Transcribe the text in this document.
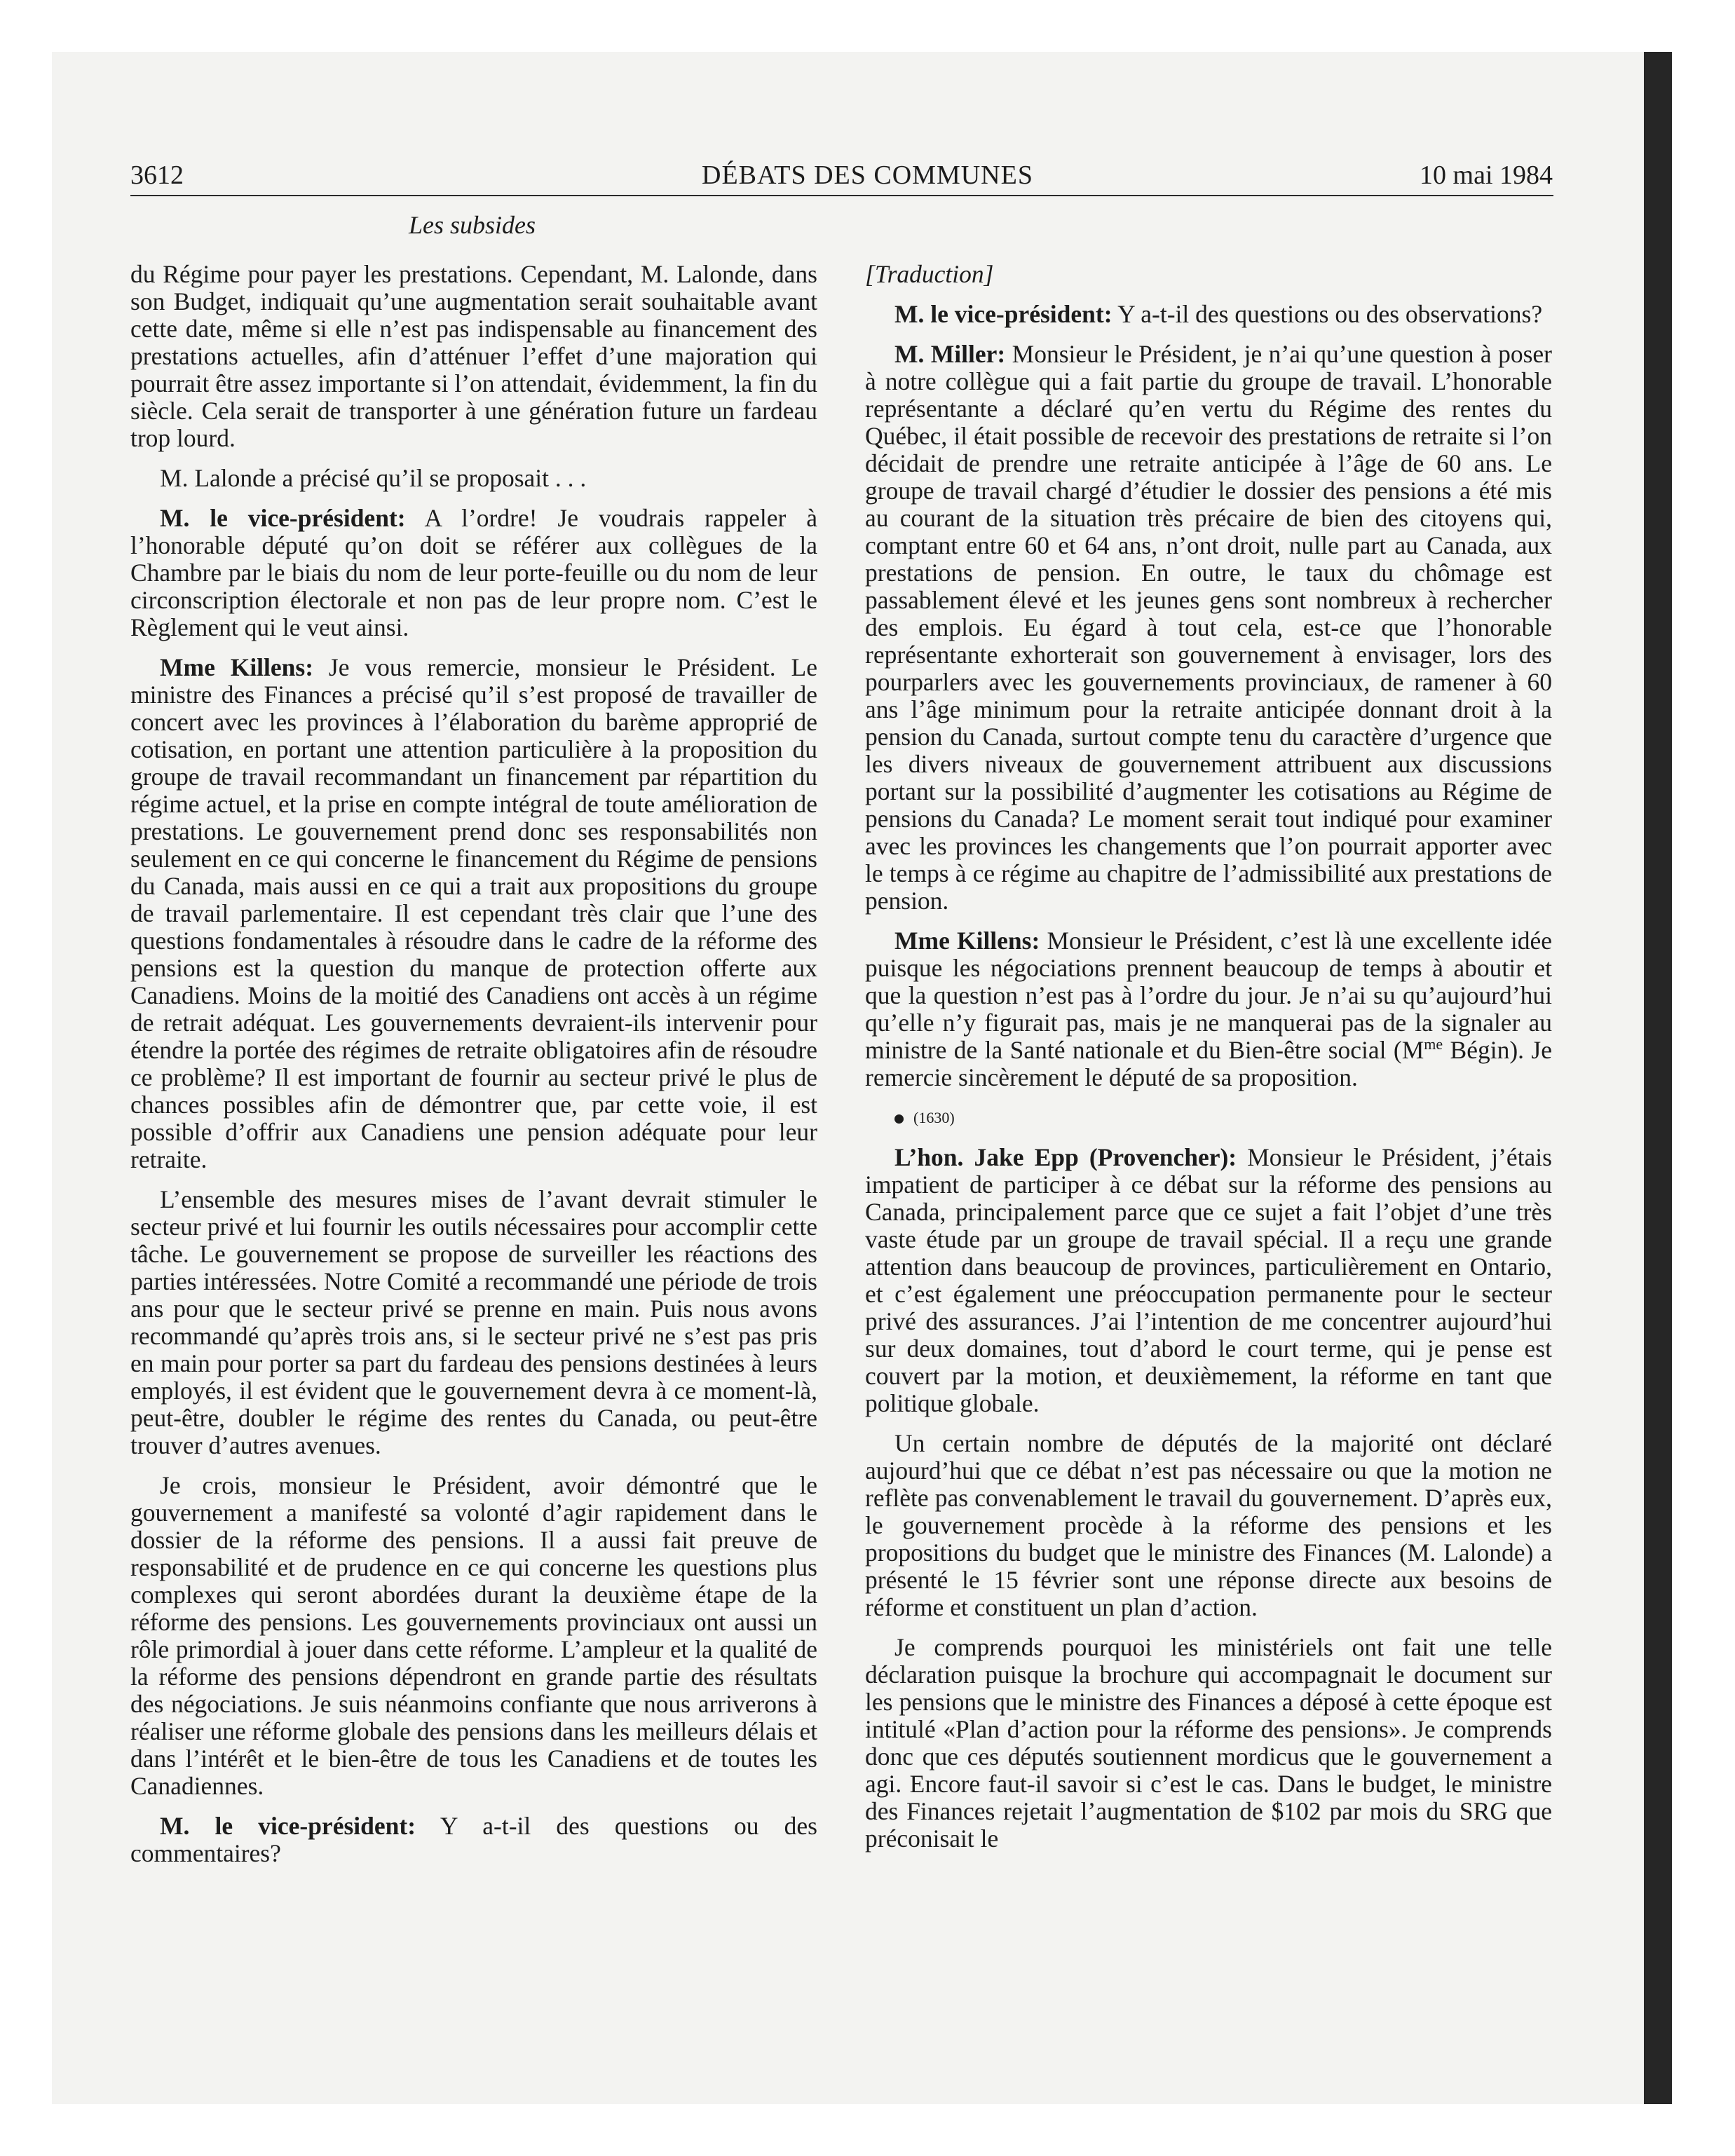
3612	DÉBATS DES COMMUNES	10 mai 1984
Les subsides

du Régime pour payer les prestations. Cependant, M. Lalonde, dans son Budget, indiquait qu’une augmentation serait souhaitable avant cette date, même si elle n’est pas indispensable au financement des prestations actuelles, afin d’atténuer l’effet d’une majoration qui pourrait être assez importante si l’on attendait, évidemment, la fin du siècle. Cela serait de transporter à une génération future un fardeau trop lourd.

M. Lalonde a précisé qu’il se proposait . . .

M. le vice-président: A l’ordre! Je voudrais rappeler à l’honorable député qu’on doit se référer aux collègues de la Chambre par le biais du nom de leur porte-feuille ou du nom de leur circonscription électorale et non pas de leur propre nom. C’est le Règlement qui le veut ainsi.

Mme Killens: Je vous remercie, monsieur le Président. Le ministre des Finances a précisé qu’il s’est proposé de travailler de concert avec les provinces à l’élaboration du barème approprié de cotisation, en portant une attention particulière à la proposition du groupe de travail recommandant un financement par répartition du régime actuel, et la prise en compte intégral de toute amélioration de prestations. Le gouvernement prend donc ses responsabilités non seulement en ce qui concerne le financement du Régime de pensions du Canada, mais aussi en ce qui a trait aux propositions du groupe de travail parlementaire. Il est cependant très clair que l’une des questions fondamentales à résoudre dans le cadre de la réforme des pensions est la question du manque de protection offerte aux Canadiens. Moins de la moitié des Canadiens ont accès à un régime de retrait adéquat. Les gouvernements devraient-ils intervenir pour étendre la portée des régimes de retraite obligatoires afin de résoudre ce problème? Il est important de fournir au secteur privé le plus de chances possibles afin de démontrer que, par cette voie, il est possible d’offrir aux Canadiens une pension adéquate pour leur retraite.

L’ensemble des mesures mises de l’avant devrait stimuler le secteur privé et lui fournir les outils nécessaires pour accomplir cette tâche. Le gouvernement se propose de surveiller les réactions des parties intéressées. Notre Comité a recommandé une période de trois ans pour que le secteur privé se prenne en main. Puis nous avons recommandé qu’après trois ans, si le secteur privé ne s’est pas pris en main pour porter sa part du fardeau des pensions destinées à leurs employés, il est évident que le gouvernement devra à ce moment-là, peut-être, doubler le régime des rentes du Canada, ou peut-être trouver d’autres avenues.

Je crois, monsieur le Président, avoir démontré que le gouvernement a manifesté sa volonté d’agir rapidement dans le dossier de la réforme des pensions. Il a aussi fait preuve de responsabilité et de prudence en ce qui concerne les questions plus complexes qui seront abordées durant la deuxième étape de la réforme des pensions. Les gouvernements provinciaux ont aussi un rôle primordial à jouer dans cette réforme. L’ampleur et la qualité de la réforme des pensions dépendront en grande partie des résultats des négociations. Je suis néanmoins confiante que nous arriverons à réaliser une réforme globale des pensions dans les meilleurs délais et dans l’intérêt et le bien-être de tous les Canadiens et de toutes les Canadiennes.

M. le vice-président: Y a-t-il des questions ou des commentaires?

[Traduction]

M. le vice-président: Y a-t-il des questions ou des observations?

M. Miller: Monsieur le Président, je n’ai qu’une question à poser à notre collègue qui a fait partie du groupe de travail. L’honorable représentante a déclaré qu’en vertu du Régime des rentes du Québec, il était possible de recevoir des prestations de retraite si l’on décidait de prendre une retraite anticipée à l’âge de 60 ans. Le groupe de travail chargé d’étudier le dossier des pensions a été mis au courant de la situation très précaire de bien des citoyens qui, comptant entre 60 et 64 ans, n’ont droit, nulle part au Canada, aux prestations de pension. En outre, le taux du chômage est passablement élevé et les jeunes gens sont nombreux à rechercher des emplois. Eu égard à tout cela, est-ce que l’honorable représentante exhorterait son gouvernement à envisager, lors des pourparlers avec les gouvernements provinciaux, de ramener à 60 ans l’âge minimum pour la retraite anticipée donnant droit à la pension du Canada, surtout compte tenu du caractère d’urgence que les divers niveaux de gouvernement attribuent aux discussions portant sur la possibilité d’augmenter les cotisations au Régime de pensions du Canada? Le moment serait tout indiqué pour examiner avec les provinces les changements que l’on pourrait apporter avec le temps à ce régime au chapitre de l’admissibilité aux prestations de pension.

Mme Killens: Monsieur le Président, c’est là une excellente idée puisque les négociations prennent beaucoup de temps à aboutir et que la question n’est pas à l’ordre du jour. Je n’ai su qu’aujourd’hui qu’elle n’y figurait pas, mais je ne manquerai pas de la signaler au ministre de la Santé nationale et du Bien-être social ($M^{me}$ Bégin). Je remercie sincèrement le député de sa proposition.

(1630)

L’hon. Jake Epp (Provencher): Monsieur le Président, j’étais impatient de participer à ce débat sur la réforme des pensions au Canada, principalement parce que ce sujet a fait l’objet d’une très vaste étude par un groupe de travail spécial. Il a reçu une grande attention dans beaucoup de provinces, particulièrement en Ontario, et c’est également une préoccupation permanente pour le secteur privé des assurances. J’ai l’intention de me concentrer aujourd’hui sur deux domaines, tout d’abord le court terme, qui je pense est couvert par la motion, et deuxièmement, la réforme en tant que politique globale.

Un certain nombre de députés de la majorité ont déclaré aujourd’hui que ce débat n’est pas nécessaire ou que la motion ne reflète pas convenablement le travail du gouvernement. D’après eux, le gouvernement procède à la réforme des pensions et les propositions du budget que le ministre des Finances (M. Lalonde) a présenté le 15 février sont une réponse directe aux besoins de réforme et constituent un plan d’action.

Je comprends pourquoi les ministériels ont fait une telle déclaration puisque la brochure qui accompagnait le document sur les pensions que le ministre des Finances a déposé à cette époque est intitulé «Plan d’action pour la réforme des pensions». Je comprends donc que ces députés soutiennent mordicus que le gouvernement a agi. Encore faut-il savoir si c’est le cas. Dans le budget, le ministre des Finances rejetait l’augmentation de $102 par mois du SRG que préconisait le
